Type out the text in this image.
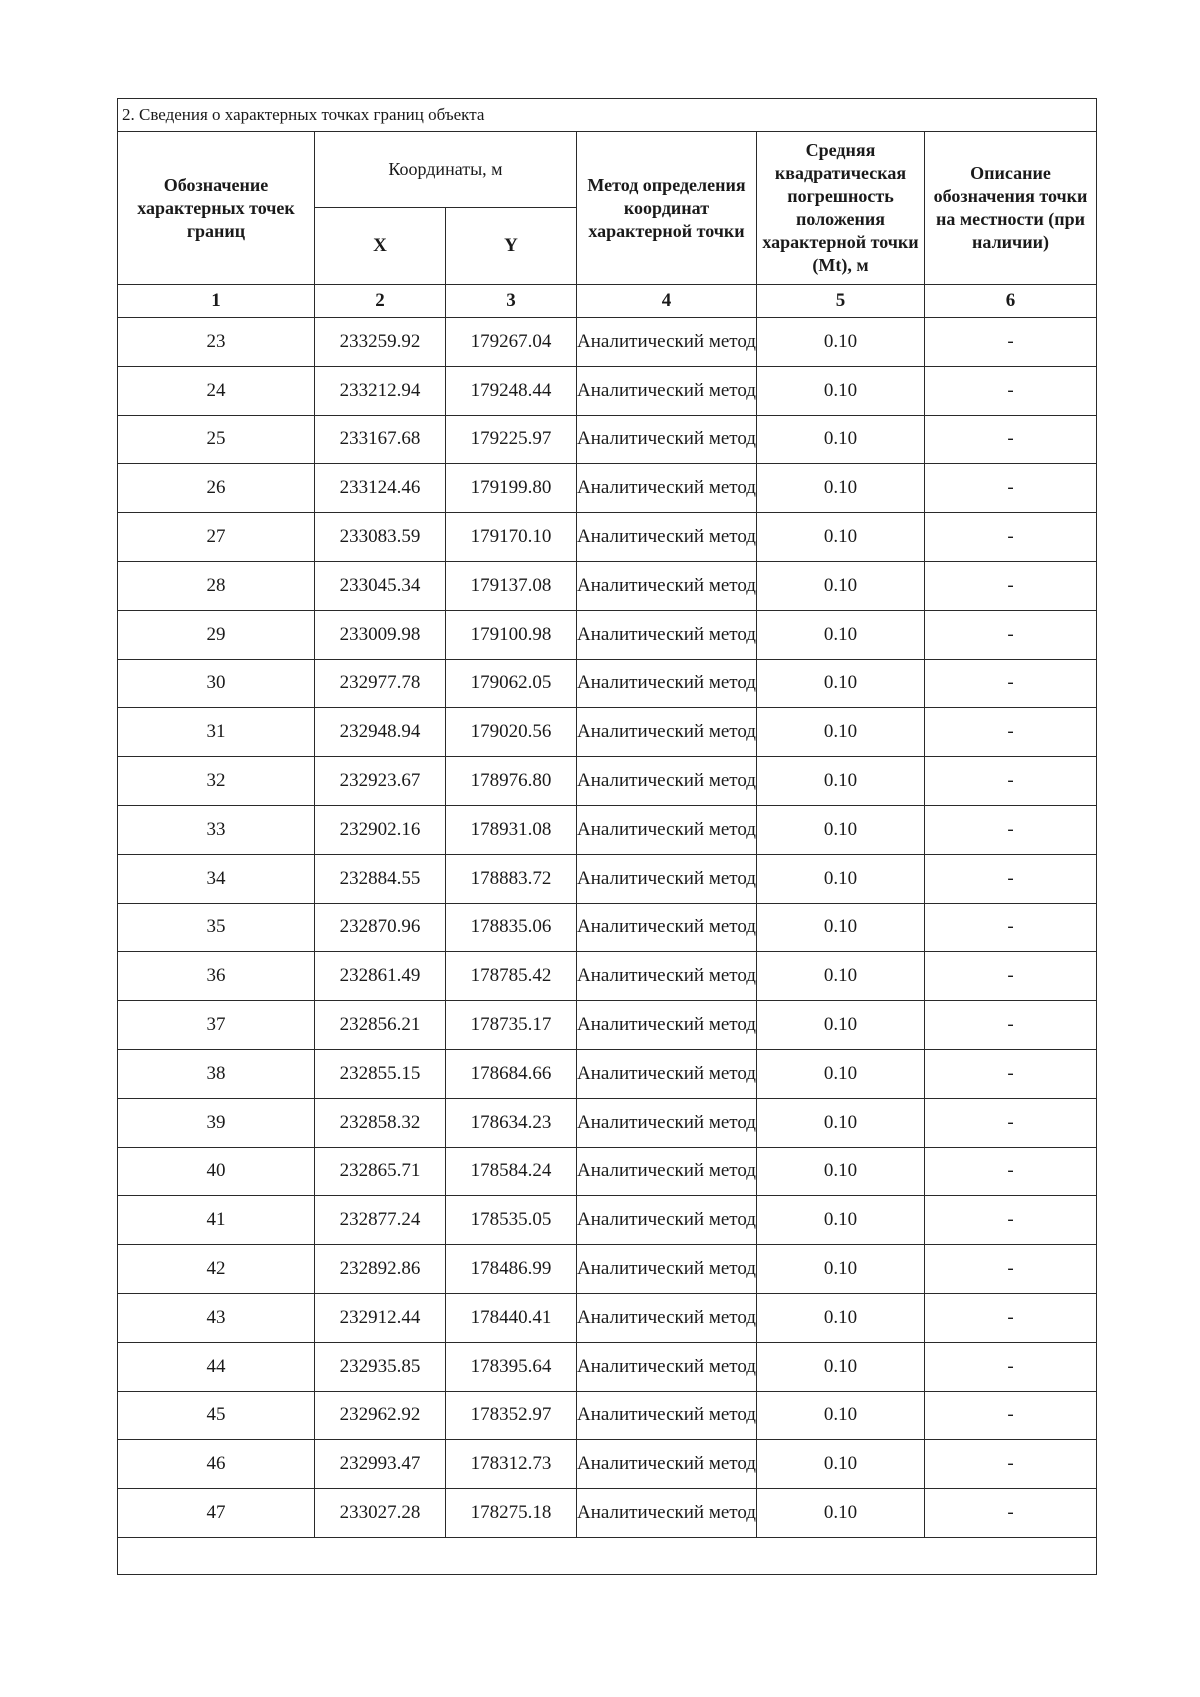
2. Сведения о характерных точках границ объекта					
Обозначение характерных точек границ	Координаты, м		Метод определения координат характерной точки	Средняя квадратическая погрешность положения характерной точки (Mt), м	Описание обозначения точки на местности (при наличии)
	X	Y			
1	2	3	4	5	6
23	233259.92	179267.04	Аналитический метод	0.10	-
24	233212.94	179248.44	Аналитический метод	0.10	-
25	233167.68	179225.97	Аналитический метод	0.10	-
26	233124.46	179199.80	Аналитический метод	0.10	-
27	233083.59	179170.10	Аналитический метод	0.10	-
28	233045.34	179137.08	Аналитический метод	0.10	-
29	233009.98	179100.98	Аналитический метод	0.10	-
30	232977.78	179062.05	Аналитический метод	0.10	-
31	232948.94	179020.56	Аналитический метод	0.10	-
32	232923.67	178976.80	Аналитический метод	0.10	-
33	232902.16	178931.08	Аналитический метод	0.10	-
34	232884.55	178883.72	Аналитический метод	0.10	-
35	232870.96	178835.06	Аналитический метод	0.10	-
36	232861.49	178785.42	Аналитический метод	0.10	-
37	232856.21	178735.17	Аналитический метод	0.10	-
38	232855.15	178684.66	Аналитический метод	0.10	-
39	232858.32	178634.23	Аналитический метод	0.10	-
40	232865.71	178584.24	Аналитический метод	0.10	-
41	232877.24	178535.05	Аналитический метод	0.10	-
42	232892.86	178486.99	Аналитический метод	0.10	-
43	232912.44	178440.41	Аналитический метод	0.10	-
44	232935.85	178395.64	Аналитический метод	0.10	-
45	232962.92	178352.97	Аналитический метод	0.10	-
46	232993.47	178312.73	Аналитический метод	0.10	-
47	233027.28	178275.18	Аналитический метод	0.10	-
